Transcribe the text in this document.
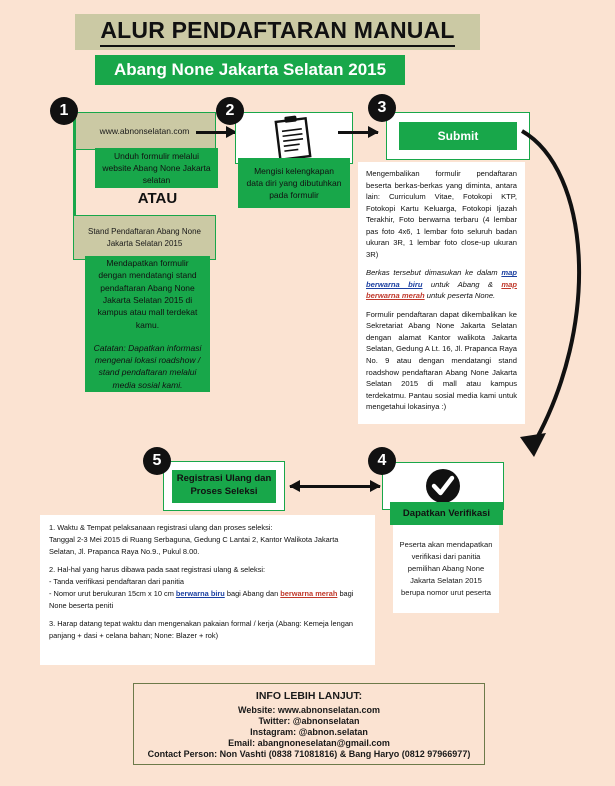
ALUR PENDAFTARAN MANUAL
Abang None Jakarta Selatan 2015
1
www.abnonselatan.com
Unduh formulir melalui website Abang None Jakarta selatan
ATAU
Stand Pendaftaran Abang None Jakarta Selatan 2015
Mendapatkan formulir dengan mendatangi stand pendaftaran Abang None Jakarta Selatan 2015 di kampus atau mall terdekat kamu.
Catatan: Dapatkan informasi mengenai lokasi roadshow / stand pendaftaran melalui media sosial kami.
2
Mengisi kelengkapan data diri yang dibutuhkan pada formulir
3
Submit

Mengembalikan formulir pendaftaran beserta berkas-berkas yang diminta, antara lain: Curriculum Vitae, Fotokopi KTP, Fotokopi Kartu Keluarga, Fotokopi Ijazah Terakhir, Foto berwarna terbaru (4 lembar pas foto 4x6, 1 lembar foto seluruh badan ukuran 3R, 1 lembar foto close-up ukuran 3R)

Berkas tersebut dimasukan ke dalam map berwarna biru untuk Abang & map berwarna merah untuk peserta None.

Formulir pendaftaran dapat dikembalikan ke Sekretariat Abang None Jakarta Selatan dengan alamat Kantor walikota Jakarta Selatan, Gedung A Lt. 16, Jl. Prapanca Raya No. 9 atau dengan mendatangi stand roadshow pendaftaran Abang None Jakarta Selatan 2015 di mall atau kampus terdekatmu. Pantau sosial media kami untuk mengetahui lokasinya :)

4
Dapatkan Verifikasi
Peserta akan mendapatkan verifikasi dari panitia pemilihan Abang None Jakarta Selatan 2015 berupa nomor urut peserta
5
Registrasi Ulang dan Proses Seleksi

1. Waktu & Tempat pelaksanaan registrasi ulang dan proses seleksi:
Tanggal 2-3 Mei 2015 di Ruang Serbaguna, Gedung C Lantai 2, Kantor Walikota Jakarta Selatan, Jl. Prapanca Raya No.9., Pukul 8.00.

2. Hal-hal yang harus dibawa pada saat registrasi ulang & seleksi:
- Tanda verifikasi pendaftaran dari panitia
- Nomor urut berukuran 15cm x 10 cm berwarna biru bagi Abang dan berwarna merah bagi None beserta peniti

3. Harap datang tepat waktu dan mengenakan pakaian formal / kerja (Abang: Kemeja lengan panjang + dasi + celana bahan; None: Blazer + rok)

INFO LEBIH LANJUT:
Website: www.abnonselatan.com
Twitter: @abnonselatan
Instagram: @abnon.selatan
Email: abangnoneselatan@gmail.com
Contact Person: Non Vashti (0838 71081816) & Bang Haryo (0812 97966977)
